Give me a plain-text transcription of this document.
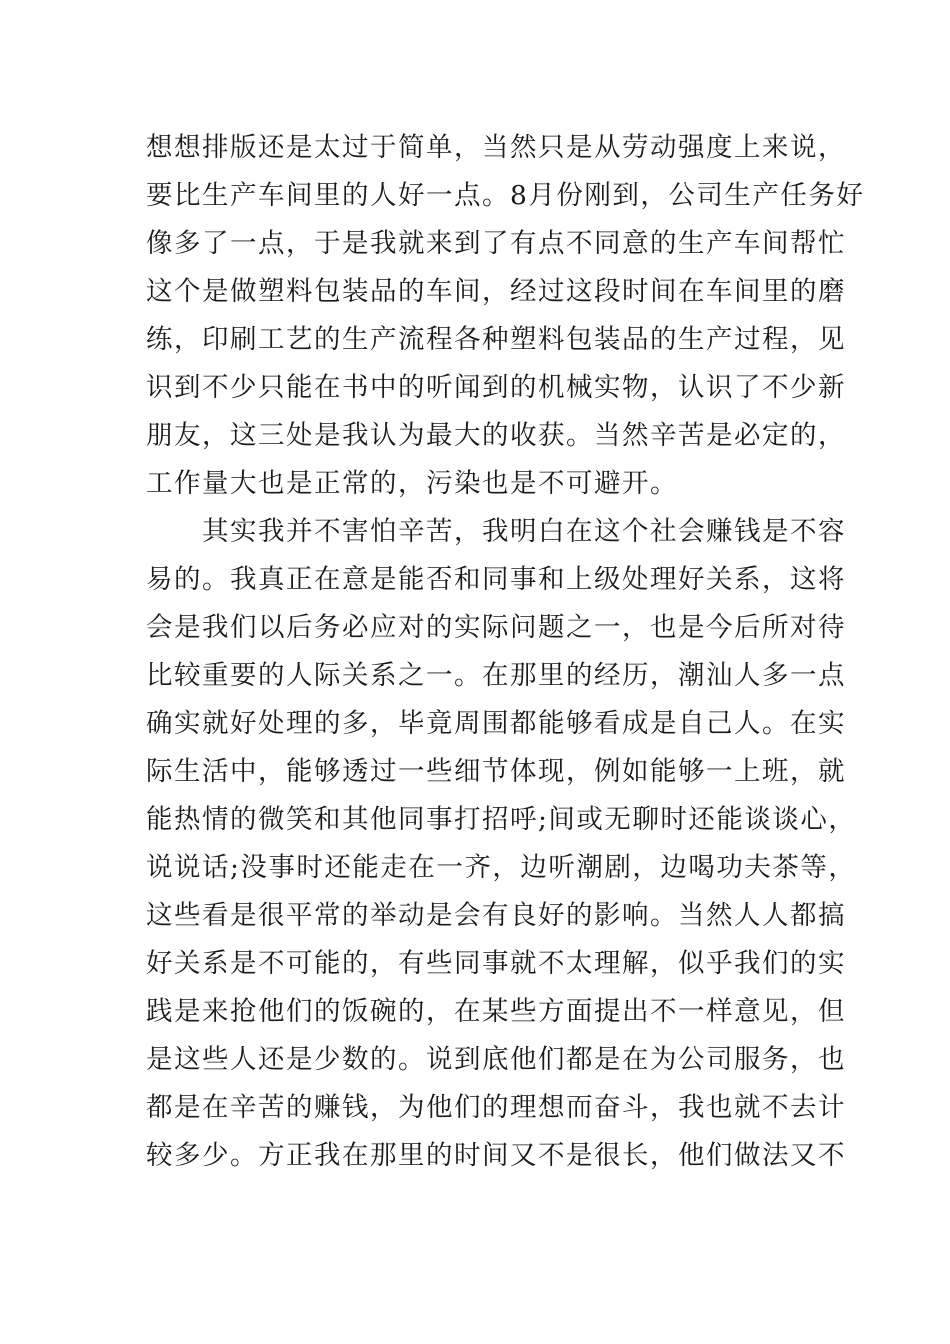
想想排版还是太过于简单，当然只是从劳动强度上来说，
要比生产车间里的人好一点。8月份刚到，公司生产任务好
像多了一点，于是我就来到了有点不同意的生产车间帮忙
这个是做塑料包装品的车间，经过这段时间在车间里的磨
练，印刷工艺的生产流程各种塑料包装品的生产过程，见
识到不少只能在书中的听闻到的机械实物，认识了不少新
朋友，这三处是我认为最大的收获。当然辛苦是必定的，
工作量大也是正常的，污染也是不可避开。
　　其实我并不害怕辛苦，我明白在这个社会赚钱是不容
易的。我真正在意是能否和同事和上级处理好关系，这将
会是我们以后务必应对的实际问题之一，也是今后所对待
比较重要的人际关系之一。在那里的经历，潮汕人多一点
确实就好处理的多，毕竟周围都能够看成是自己人。在实
际生活中，能够透过一些细节体现，例如能够一上班，就
能热情的微笑和其他同事打招呼;间或无聊时还能谈谈心，
说说话;没事时还能走在一齐，边听潮剧，边喝功夫茶等，
这些看是很平常的举动是会有良好的影响。当然人人都搞
好关系是不可能的，有些同事就不太理解，似乎我们的实
践是来抢他们的饭碗的，在某些方面提出不一样意见，但
是这些人还是少数的。说到底他们都是在为公司服务，也
都是在辛苦的赚钱，为他们的理想而奋斗，我也就不去计
较多少。方正我在那里的时间又不是很长，他们做法又不
